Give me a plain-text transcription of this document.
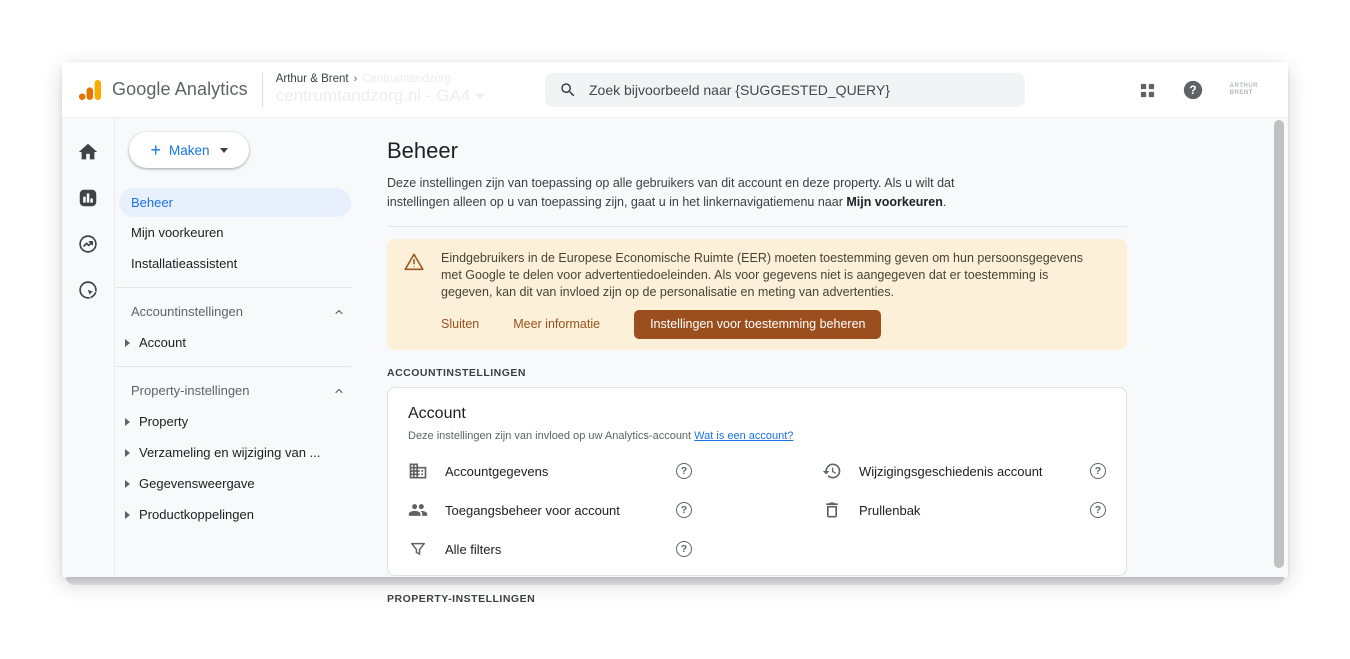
Google Analytics
Arthur & Brent › Centrumtandzorg
centrumtandzorg.nl - GA4
Zoek bijvoorbeeld naar {SUGGESTED_QUERY}	?	ARTHUR
BRENT
+ Maken
Beheer
Mijn voorkeuren
Installatieassistent
Accountinstellingen
Account
Property-instellingen
Property
Verzameling en wijziging van ...
Gegevensweergave
Productkoppelingen
Beheer

Deze instellingen zijn van toepassing op alle gebruikers van dit account en deze property. Als u wilt dat instellingen alleen op u van toepassing zijn, gaat u in het linkernavigatiemenu naar Mijn voorkeuren.

Eindgebruikers in de Europese Economische Ruimte (EER) moeten toestemming geven om hun persoonsgegevens met Google te delen voor advertentiedoeleinden. Als voor gegevens niet is aangegeven dat er toestemming is gegeven, kan dit van invloed zijn op de personalisatie en meting van advertenties.
Sluiten	Meer informatie	Instellingen voor toestemming beheren
ACCOUNTINSTELLINGEN
Account
Deze instellingen zijn van invloed op uw Analytics-account Wat is een account?
Accountgegevens	?
Toegangsbeheer voor account	?
Alle filters	?
Wijzigingsgeschiedenis account	?
Prullenbak	?
PROPERTY-INSTELLINGEN
